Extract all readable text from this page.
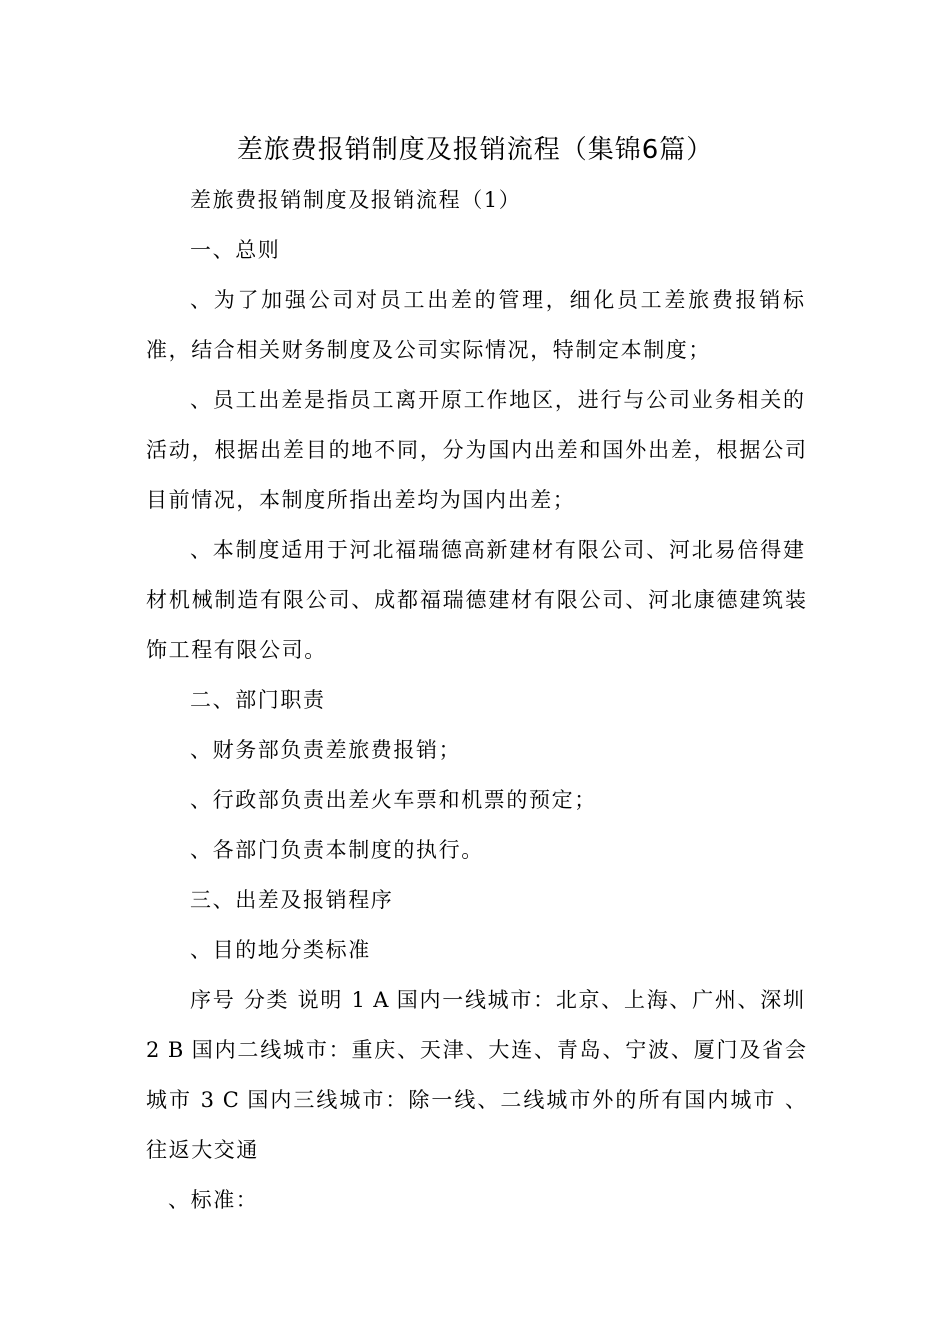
差旅费报销制度及报销流程（集锦6篇）
差旅费报销制度及报销流程（1）
一、总则
、为了加强公司对员工出差的管理，细化员工差旅费报销标
准，结合相关财务制度及公司实际情况，特制定本制度；
、员工出差是指员工离开原工作地区，进行与公司业务相关的
活动，根据出差目的地不同，分为国内出差和国外出差，根据公司
目前情况，本制度所指出差均为国内出差；
、本制度适用于河北福瑞德高新建材有限公司、河北易倍得建
材机械制造有限公司、成都福瑞德建材有限公司、河北康德建筑装
饰工程有限公司。
二、部门职责
、财务部负责差旅费报销；
、行政部负责出差火车票和机票的预定；
、各部门负责本制度的执行。
三、出差及报销程序
、目的地分类标准
序号 分类 说明 1 A 国内一线城市：北京、上海、广州、深圳
2 B 国内二线城市：重庆、天津、大连、青岛、宁波、厦门及省会
城市 3 C 国内三线城市：除一线、二线城市外的所有国内城市 、
往返大交通
、标准：
